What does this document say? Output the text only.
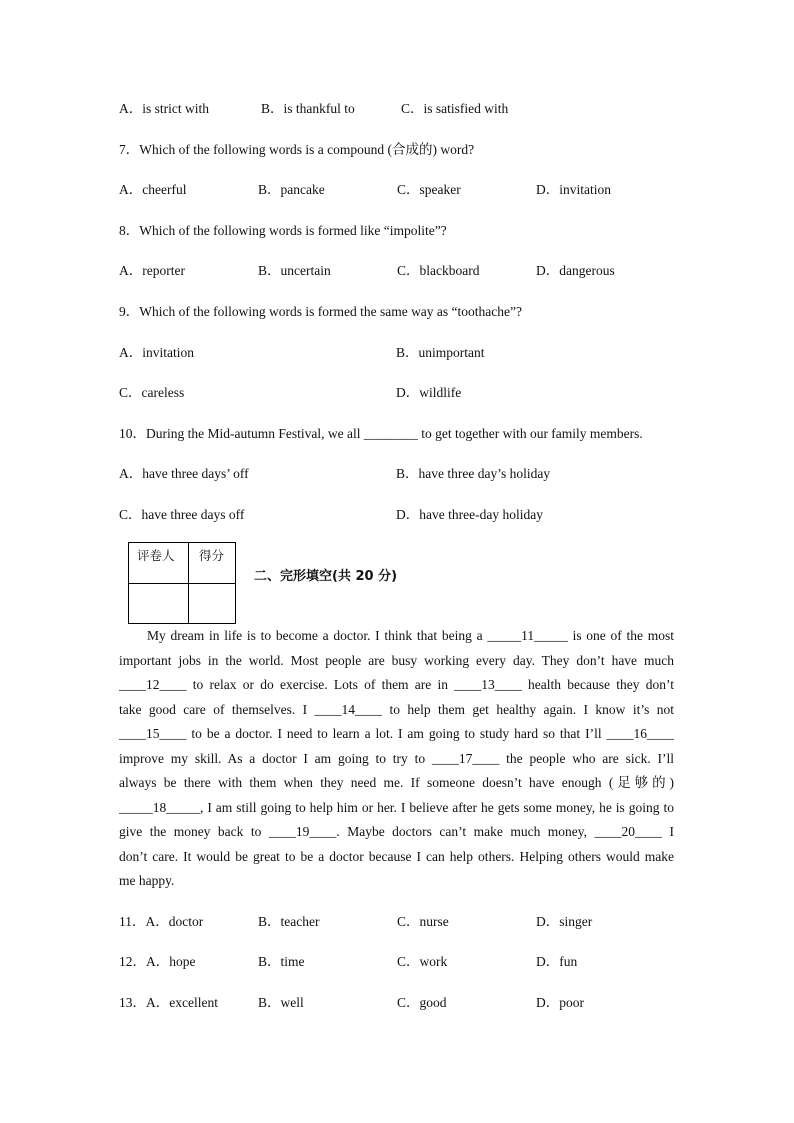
A．is strict with	B．is thankful to	C．is satisfied with
7．Which of the following words is a compound (合成的) word?
A．cheerful	B．pancake	C．speaker	D．invitation
8．Which of the following words is formed like “impolite”?
A．reporter	B．uncertain	C．blackboard	D．dangerous
9．Which of the following words is formed the same way as “toothache”?
A．invitation	B．unimportant
C．careless	D．wildlife
10．During the Mid-autumn Festival, we all ________ to get together with our family members.
A．have three days’ off	B．have three day’s holiday
C．have three days off	D．have three-day holiday
评卷人 得分
二、完形填空(共 20 分)
My dream in life is to become a doctor. I think that being a _____11_____ is one of the most
important jobs in the world. Most people are busy working every day. They don’t have much
____12____ to relax or do exercise. Lots of them are in ____13____ health because they don’t
take good care of themselves. I ____14____ to help them get healthy again. I know it’s not
____15____ to be a doctor. I need to learn a lot. I am going to study hard so that I’ll ____16____
improve my skill. As a doctor I am going to try to ____17____ the people who are sick. I’ll
always be there with them when they need me. If someone doesn’t have enough (足够的)
_____18_____, I am still going to help him or her. I believe after he gets some money, he is going to
give the money back to ____19____. Maybe doctors can’t make much money, ____20____ I
don’t care. It would be great to be a doctor because I can help others. Helping others would make
me happy.
11．A．doctor	B．teacher	C．nurse	D．singer
12．A．hope	B．time	C．work	D．fun
13．A．excellent	B．well	C．good	D．poor
